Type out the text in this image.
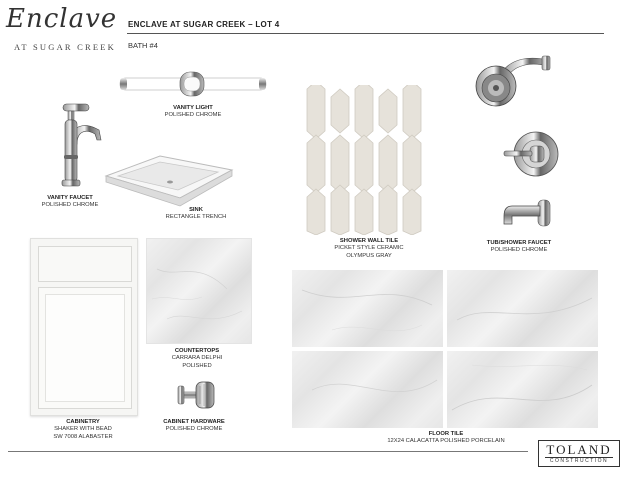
Enclave
AT SUGAR CREEK
ENCLAVE AT SUGAR CREEK – LOT 4
BATH #4
VANITY LIGHT
POLISHED CHROME
VANITY FAUCET
POLISHED CHROME
SINK
RECTANGLE TRENCH
SHOWER WALL TILE
PICKET STYLE CERAMIC
OLYMPUS GRAY
TUB/SHOWER FAUCET
POLISHED CHROME
CABINETRY
SHAKER WITH BEAD
SW 7008 ALABASTER
COUNTERTOPS
CARRARA DELPHI
POLISHED
CABINET HARDWARE
POLISHED CHROME
FLOOR TILE
12X24 CALACATTA POLISHED PORCELAIN
TOLAND
CONSTRUCTION
